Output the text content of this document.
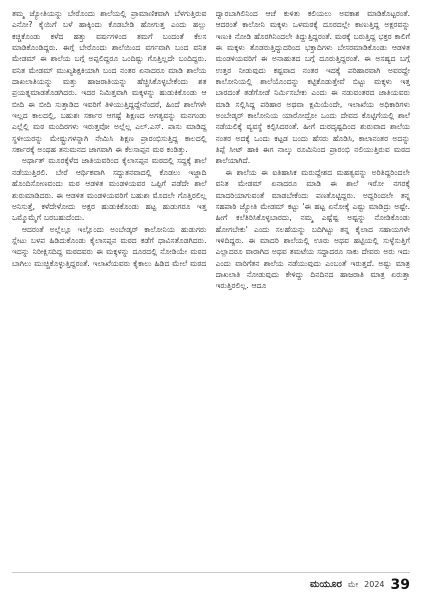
ತಮ್ಮ ಜ್ಯೋತಿಯನ್ನು ಬೇರೊಂದು ಶಾಲೆಯಲ್ಲಿ ಪ್ರಾಮಾಣಿಕವಾಗಿ ಬೆಳಗುತ್ತಿರುವ ಎನೋ? ಕೈಯಿಗೆ ಬಳೆ ಹಾಕ್ಕಿಂದು ಕೊಡಬೇಡಿ ಹೋಗುತ್ತ ಎಂದು ಹಲ್ಲು ಕಚ್ಚಿಕೊಂಡು ಕಳೆದ ಹತ್ತು ವರ್ಷಗಳಿಂದ ತಮಗೆ ಬಂದಂತೆ ಕೆಲಸ ಮಾಡಿಕೊಂಡಿದ್ದರು. ಈಗ್ಗೆ ಬೇರೊಂದು ಶಾಲೆಯಿಂದ ವರ್ಗವಾಗಿ ಬಂದ ವನಿತ ಮೇಡಮ್ ಈ ಶಾಲೆಯ ಬಗ್ಗೆ ಅಪ್ಪಲಿದ್ದರೂ ಒಂದಿಷ್ಟು ಗೊತ್ತಿಲ್ಲದೇ ಬಂದಿದ್ದರು. ವನಿತ ಮೇಡಮ್ ಮುಖ್ಯಶಿಕ್ಷಕಿಯಾಗಿ ಬಂದ ನಂತರ ಏನಾದರೂ ಮಾಡಿ ಶಾಲೆಯ ದಾಖಲಾತಿಯನ್ನು ಮತ್ತು ಹಾಜರಾತಿಯನ್ನು ಹೆಚ್ಚಿಸಿಕೊಳ್ಳಬೇಕೆಂದು ಶತ ಪ್ರಯತ್ನಮಾಡತೊಡಗಿದರು. ಇದರ ನಿಮಿತ್ತವಾಗಿ ಮಕ್ಕಳನ್ನು ಹುಡುಕಿಕೊಂಡು ಆ ಬೀದಿ ಈ ಬೀದಿ ಸುತ್ತಾಡಿದ ಇವರಿಗೆ ತಿಳಿಯುತ್ತಿದ್ದದ್ದೇನೆಂದರೆ, ಹಿಂದೆ ಶಾಲೆಗಳೇ ಇಲ್ಲದ ಕಾಲದಲ್ಲಿ, ಬಹುಶಃ ಸರ್ಕಾರ ಆಗಷ್ಟೆ ಶಿಕ್ಷಣದ ಅಗತ್ಯವನ್ನು ಮನಗಂಡು ಎಲ್ಲೆಲ್ಲಿ ಮಠ ಮಂದಿರಗಳು ಇರುತ್ತವೋ ಅಲ್ಲೆಲ್ಲ ಎಲ್.ಎಸ್. ಪಾಸು ಮಾಡಿದ್ದ ಸ್ಥಳೀಯರನ್ನು ಮೇಷ್ಟ್ರುಗಳನ್ನಾಗಿ ನೇಮಿಸಿ ಶಿಕ್ಷಣ ಪ್ರಾರಂಭಿಸುತ್ತಿದ್ದ ಕಾಲದಲ್ಲಿ ಸರ್ಕಾರಕ್ಕೆ ಅಂಥಹ ತನುಮನದ ಜಾಗವಾಗಿ ಈ ಕೆಲಸಾಪ್ಪನ ಮಠ ಕಂಡಿತ್ತು.

ಅರ್ಥಾತ್ ಮೂರಕ್ಕೆಳೆದ ಜಾತಿಯವರಿಂದ ಕೈಲಾಸಪ್ಪನ ಮಠದಲ್ಲಿ ಸದ್ದಕ್ಕೆ ಶಾಲೆ ನಡೆಯುತ್ತಿರಲಿ. ಬೇರೆ ಆರ್ಥಿಕವಾಗಿ ಸದ್ದುತನವಾದಲ್ಲಿ ಕೊಡಲು ಇಜ್ಜಾದಿ ಹೊಂದಿಸೋಣವಂದು ಮಠ ಆಡಳಿತ ಮಂಡಳಿಯವರ ಒಪ್ಪಿಗೆ ಪಡೆದೇ ಶಾಲೆ ಶುರುಮಾಡಿದರು. ಈ ಆಡಳಿತ ಮಂಡಳಿಯವರಿಗೆ ಬಹುಶಃ ಮೊದಲೇ ಗೊತ್ತಿರಲಿಲ್ಲ ಅನಿಸುತ್ತೆ, ಕಳೆದೇಳೋದು ಅಕ್ಷರ ಹುಡುಕಿಕೊಂಡು ಹಟ್ಟ ಹುಡುಗರೂ ಇತ್ತ ಒಮ್ಮೊಮ್ಮೆಗೆ ಬರಬಹುದೆಂದು.

ಆದರಂತೆ ಅಲ್ಲೆಲ್ಲೂ ಇಲ್ಲೊಂದು ಅಂಬೇಡ್ಕರ್ ಕಾಲೋನಿಯ ಹುಡುಗರು ಸ್ಲೇಟು ಬಳಪ ಹಿಡಿದುಕೊಂಡು ಕೈಲಾಸಪ್ಪನ ಮಠದ ಕಡೆಗೆ ಧಾವಿಸತೊಡಗಿದರು. ಇದನ್ನು ನಿರೀಕ್ಷಿಸದಿದ್ದ ಮಠದವರು ಈ ಮಕ್ಕಳನ್ನು ದೂರದಲ್ಲಿ ನೋಡಿಯೇ ಮಠದ ಬಾಗಿಲು ಮುಚ್ಚಿಕೊಳ್ಳುತ್ತಿದ್ದರಂತೆ. ಇಲಾಖೆಯವರು ಕೈಕಾಲು ಹಿಡಿದ ಮೇಲೆ ಮಠದ

ದ್ವಾರಬಾಗಿಲಿನಿಂದ ಆಚೆ ಕುಳಿತು ಕಲಿಯಲು ಅವಕಾಶ ಮಾಡಿಕೊಟ್ಟರಂತೆ. ಆದರಂತೆ ಕಾಲೋನಿ ಮಕ್ಕಳು ಒಳಮಠಕ್ಕೆ ದೂರದಲ್ಲೇ ಕಾಣುತ್ತಿದ್ದ ಅಕ್ಷರವನ್ನು ಇಣುಕಿ ನೋಡಿ ಹೊರಗಿನಿಂದಲೇ ತಿದ್ದುತ್ತಿದ್ದರಂತೆ. ಮಠಕ್ಕೆ ಬರುತ್ತಿದ್ದ ಭಕ್ತರ ಕಾಲಿಗೆ ಈ ಮಕ್ಕಳು ತೊಡರುತ್ತಿದ್ದುದರಿಂದ ಭಕ್ತಾದಿಗಳು ಬೇಸರಮಾಡಿಕೊಂಡು ಆಡಳಿತ ಮಂಡಳಿಯವರಿಗೆ ಈ ಅನಾಹುತದ ಬಗ್ಗೆ ದೂರುತ್ತಿದ್ದರಂತೆ. ಈ ಅಸಹ್ಯದ ಬಗ್ಗೆ ಉತ್ತರ ನೀಡುವುದು ಕಷ್ಟವಾದ ನಂತರ ಇದಕ್ಕೆ ಪರಿಹಾರವಾಗಿ ಅವರದ್ದೇ ಕಾಲೋನಿಯಲ್ಲಿ ಶಾಲೆಯೊಂದನ್ನು ಕಟ್ಟಿಕೊಡುತ್ತೇವೆ ಬಿಟ್ಟು ಮಕ್ಕಳು ಇತ್ತ ಬಾರದಂತೆ ತಡೆಗೋಡೆ ನಿರ್ಮಿಸಬೇಕು ಎಂದು ಈ ನಡುವಂತರದ ಜಾತಿಯವರು ಮಾಡಿ ಸಲ್ಲಿಸಿದ್ದ ಪರಿಹಾರ ಅಥವಾ ಕ್ಷಮಿಯೆಂದೇ, ಇಲಾಖೆಯ ಅಧಿಕಾರಿಗಳು ಅಂಬೇಡ್ಕರ್ ಕಾಲೋನಿಯ ಯಾರೋದ್ರೋ ಒಂದು ದೇವದ ಕೊಟ್ಟಿಗೆಯಲ್ಲಿ ಶಾಲೆ ನಡೆಯಲಿಕ್ಕೆ ವ್ಯವಸ್ಥೆ ಕಲ್ಪಿಸಿದರಂತೆ. ಹೀಗೆ ದುರದೃಷ್ಟದಿಂದ ಶುರುವಾದ ಶಾಲೆಯ ನಂತರ ಅದಕ್ಕೆ ಒಂದು ಕಟ್ಟಡ ಬಂದು ಹೆಸರು ಹೊಡಿಸಿ, ಕಾಲಾನಂತರ ಅದನ್ನು ತಿಪ್ಪೆ ಸೀಟ್ ಹಾಕಿ ಈಗ ನಾಲ್ಕು ರೂಮಿನಿಂದ ಪ್ರಾರಂಭಿ ನಲಿಯುತ್ತಿರುವ ಮಠದ ಶಾಲೆಯಾಗಿದೆ.

ಈ ಶಾಲೆಯ ಈ ಐತಿಹಾಸಿಕ ಮರುದ್ದೇಶದ ಮಹತ್ವವನ್ನು ಅರಿತಿದ್ದರಿಂದಲೇ ವನಿತ ಮೇಡಮ್ ಏನಾದರೂ ಮಾಡಿ ಈ ಶಾಲೆ ಇರೋ ನಗರಕ್ಕೆ ಮಾದರಿಯಾಗುವಂತೆ ಮಾಡಬೇಕೆಂದು ಪಣತೊಟ್ಟಿದ್ದರು. ಅದ್ದರಿಂದಲೇ ತನ್ನ ಸಹಪಾಠಿ ಜ್ಯೋತಿ ಮೇಡಮ್ ಕಟ್ಟು 'ಈ ಹಟ್ಟ ಏನೋಕ್ಕೆ ಎಷ್ಟು ಮಾಡಿದ್ರು ಅಷ್ಟೇ. ಹೀಗೆ ಕಲೆತಿರಿಸಿಕೊಳ್ಳಬಾರದು, ನಮ್ಮ ಎಷ್ಟೆಷ್ಟ ಅಷ್ಟನ್ನು ನೋಡಿಕೊಂಡು ಹೋಗಬೇಕು' ಎಂದು ಸಲಹೆಯನ್ನು ಬದಿಗಿಟ್ಟು ತನ್ನ ಕೈಲಾದ ಸಹಾಯಗಳೇ ಇಳಿದಿದ್ದರು. ಈ ಮಾದರಿ ಶಾಲೆಯಲ್ಲಿ ಊರು ಅಥವ ಹಟ್ಟಿಯಲ್ಲಿ ಸುಳ್ಳೆಸುತ್ತಿಗೆ ಎಲ್ಲಾದರೂ ವಾರಾಗಿದ ಅಥವ ತಮಟೆಯ ಸದ್ದಾದರೂ ಸಾಕು ದೇವರು ಅರು ಇದು ಎಂದು ವಾರಿಗೆತನ ಶಾಲೆಯ ನಡೆಯುವುದು ಎಂಬಂತೆ ಇರುತ್ತದೆ. ಅಷ್ಟು ಮಾತ್ರ ದಾಖಲಾತಿ ನೋಡುವುದು ಕೇಳಿದ್ದು ದಿನದಿನದ ಹಾಜರಾತಿ ಮಾತ್ರ ಏರುತ್ತಾ ಇರುತ್ತಿರಲಿಲ್ಲ. ಆದೂ

ಮಯೂರ ಮೇ 2024 39
